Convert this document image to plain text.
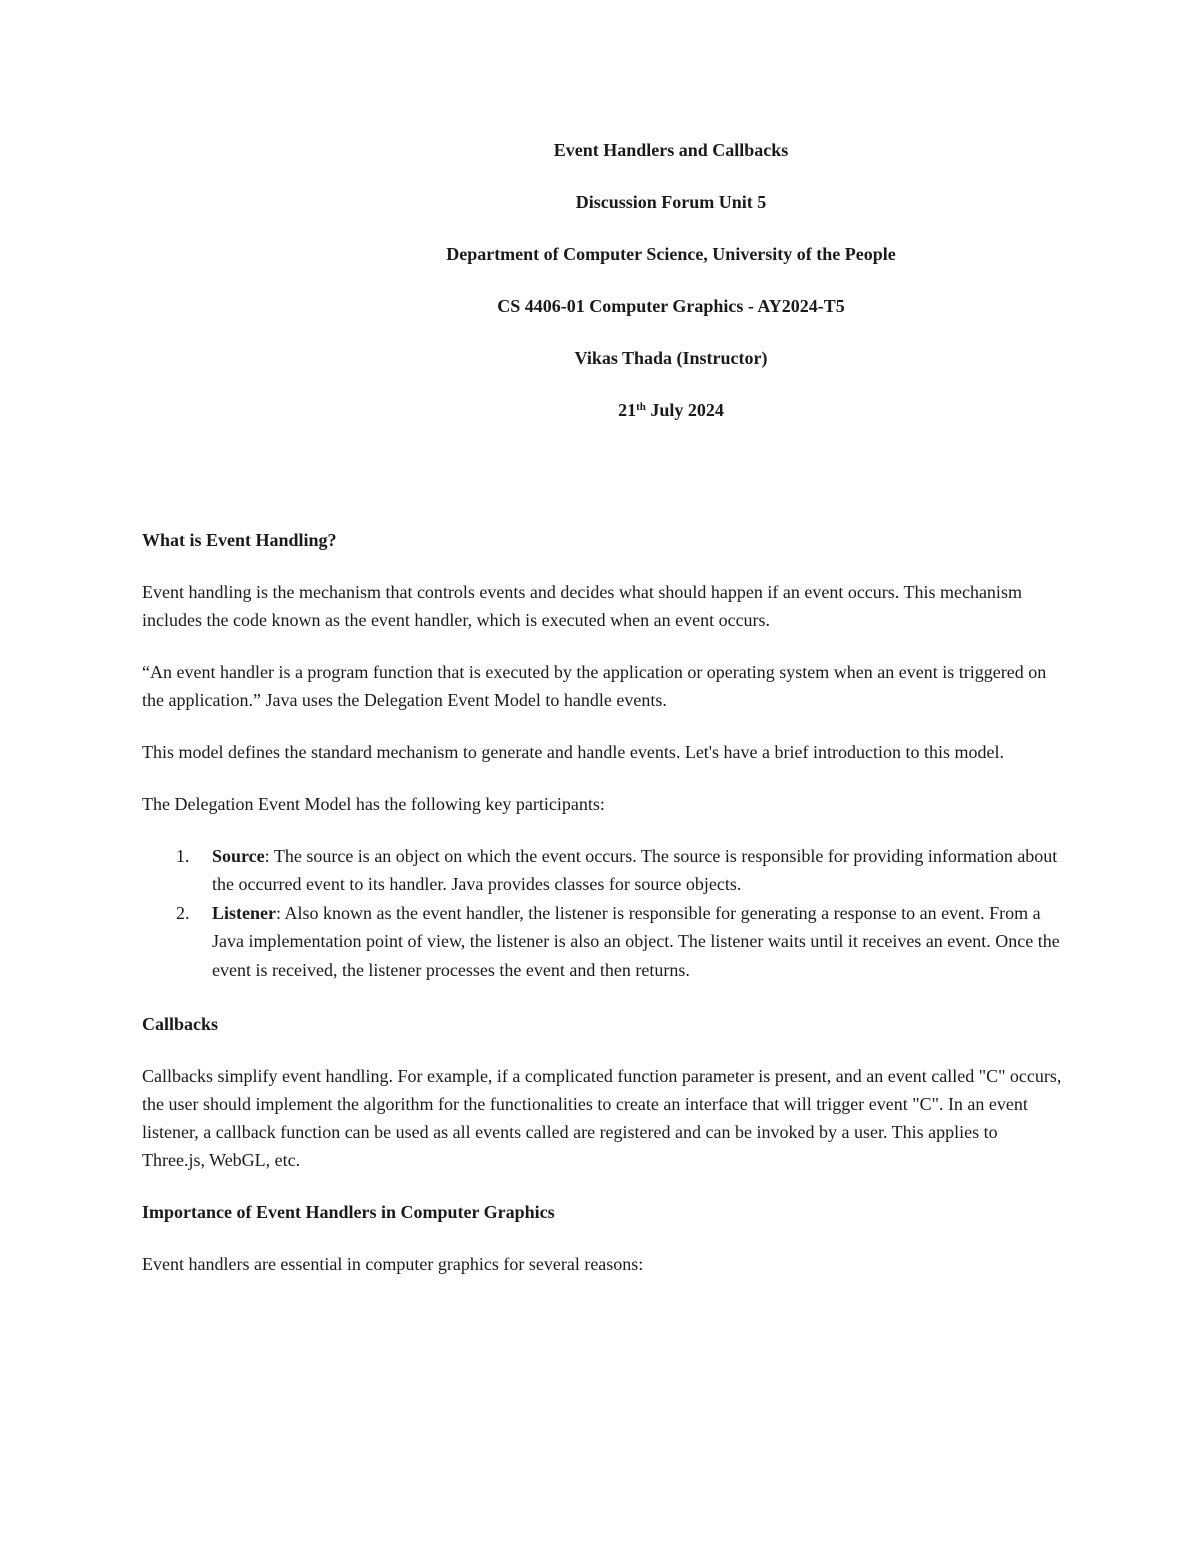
Event Handlers and Callbacks
Discussion Forum Unit 5
Department of Computer Science, University of the People
CS 4406-01 Computer Graphics - AY2024-T5
Vikas Thada (Instructor)
21th July 2024
What is Event Handling?

Event handling is the mechanism that controls events and decides what should happen if an event occurs. This mechanism includes the code known as the event handler, which is executed when an event occurs.

“An event handler is a program function that is executed by the application or operating system when an event is triggered on the application.” Java uses the Delegation Event Model to handle events.

This model defines the standard mechanism to generate and handle events. Let's have a brief introduction to this model.

The Delegation Event Model has the following key participants:

1. Source: The source is an object on which the event occurs. The source is responsible for providing information about the occurred event to its handler. Java provides classes for source objects.
2. Listener: Also known as the event handler, the listener is responsible for generating a response to an event. From a Java implementation point of view, the listener is also an object. The listener waits until it receives an event. Once the event is received, the listener processes the event and then returns.
Callbacks

Callbacks simplify event handling. For example, if a complicated function parameter is present, and an event called "C" occurs, the user should implement the algorithm for the functionalities to create an interface that will trigger event "C". In an event listener, a callback function can be used as all events called are registered and can be invoked by a user. This applies to Three.js, WebGL, etc.

Importance of Event Handlers in Computer Graphics

Event handlers are essential in computer graphics for several reasons:
